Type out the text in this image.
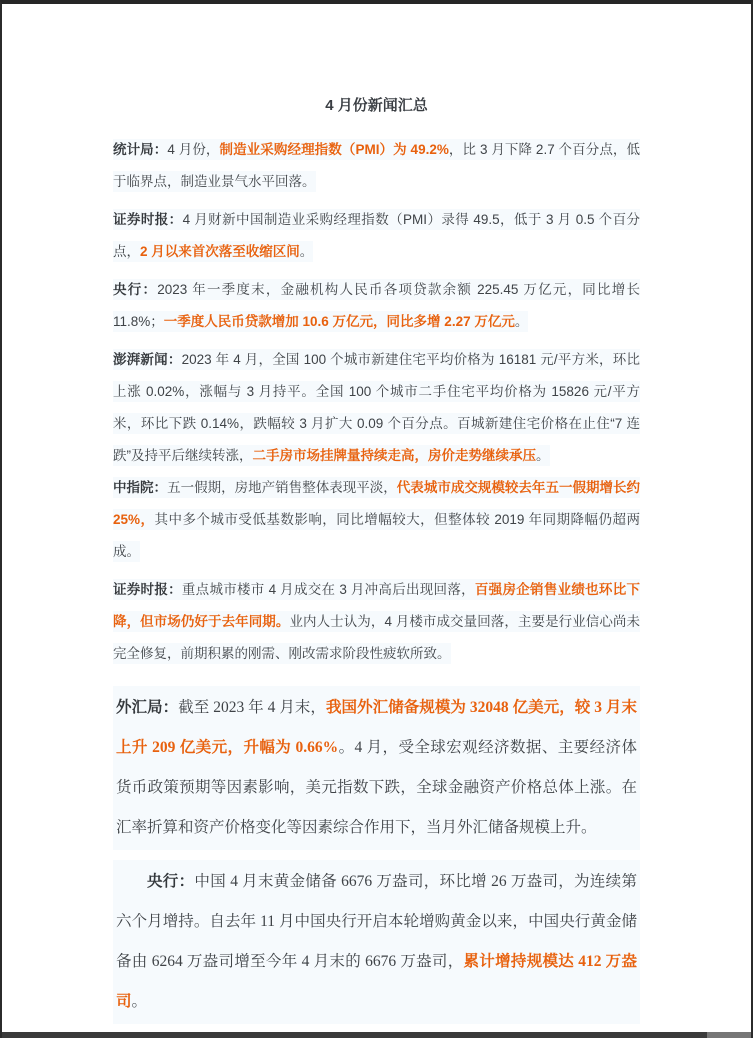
4 月份新闻汇总

统计局：4 月份，制造业采购经理指数（PMI）为 49.2%，比 3 月下降 2.7 个百分点，低于临界点，制造业景气水平回落。

证券时报：4 月财新中国制造业采购经理指数（PMI）录得 49.5，低于 3 月 0.5 个百分点，2 月以来首次落至收缩区间。

央行：2023 年一季度末，金融机构人民币各项贷款余额 225.45 万亿元，同比增长 11.8%；一季度人民币贷款增加 10.6 万亿元，同比多增 2.27 万亿元。

澎湃新闻：2023 年 4 月，全国 100 个城市新建住宅平均价格为 16181 元/平方米，环比上涨 0.02%，涨幅与 3 月持平。全国 100 个城市二手住宅平均价格为 15826 元/平方米，环比下跌 0.14%，跌幅较 3 月扩大 0.09 个百分点。百城新建住宅价格在止住“7 连跌”及持平后继续转涨，二手房市场挂牌量持续走高，房价走势继续承压。

中指院：五一假期，房地产销售整体表现平淡，代表城市成交规模较去年五一假期增长约 25%，其中多个城市受低基数影响，同比增幅较大，但整体较 2019 年同期降幅仍超两成。

证券时报：重点城市楼市 4 月成交在 3 月冲高后出现回落，百强房企销售业绩也环比下降，但市场仍好于去年同期。业内人士认为，4 月楼市成交量回落，主要是行业信心尚未完全修复，前期积累的刚需、刚改需求阶段性疲软所致。

外汇局：截至 2023 年 4 月末，我国外汇储备规模为 32048 亿美元，较 3 月末上升 209 亿美元，升幅为 0.66%。4 月，受全球宏观经济数据、主要经济体货币政策预期等因素影响，美元指数下跌，全球金融资产价格总体上涨。在汇率折算和资产价格变化等因素综合作用下，当月外汇储备规模上升。

央行：中国 4 月末黄金储备 6676 万盎司，环比增 26 万盎司，为连续第六个月增持。自去年 11 月中国央行开启本轮增购黄金以来，中国央行黄金储备由 6264 万盎司增至今年 4 月末的 6676 万盎司，累计增持规模达 412 万盎司。
